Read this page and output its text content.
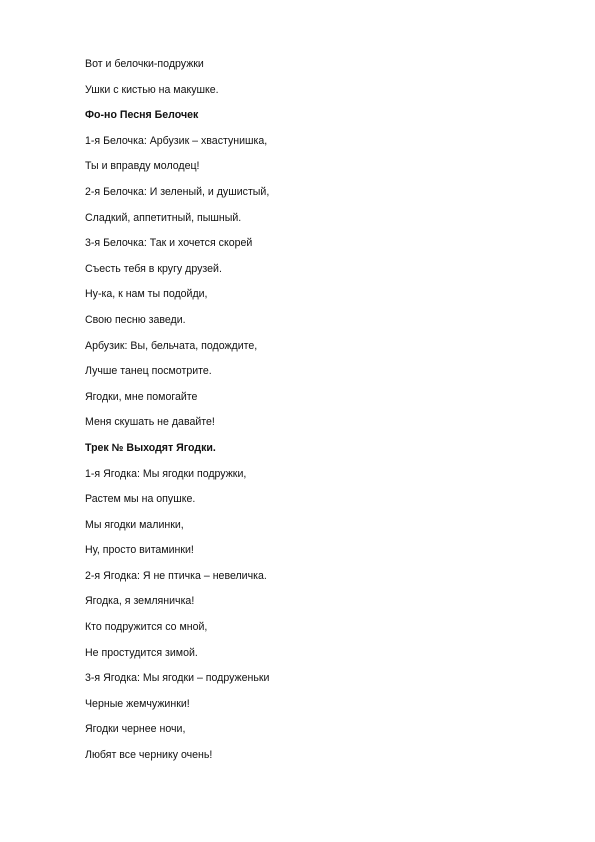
Вот и белочки-подружки
Ушки с кистью на макушке.
Фо-но Песня Белочек
1-я Белочка: Арбузик – хвастунишка,
Ты и вправду молодец!
2-я Белочка: И зеленый, и душистый,
Сладкий, аппетитный, пышный.
3-я Белочка: Так и хочется скорей
Съесть тебя в кругу друзей.
Ну-ка, к нам ты подойди,
Свою песню заведи.
Арбузик: Вы, бельчата, подождите,
Лучше танец посмотрите.
Ягодки, мне помогайте
Меня скушать не давайте!
Трек № Выходят Ягодки.
1-я Ягодка: Мы ягодки подружки,
Растем мы на опушке.
Мы ягодки малинки,
Ну, просто витаминки!
2-я Ягодка: Я не птичка – невеличка.
Ягодка, я земляничка!
Кто подружится со мной,
Не простудится зимой.
3-я Ягодка: Мы ягодки – подруженьки
Черные жемчужинки!
Ягодки чернее ночи,
Любят все чернику очень!
